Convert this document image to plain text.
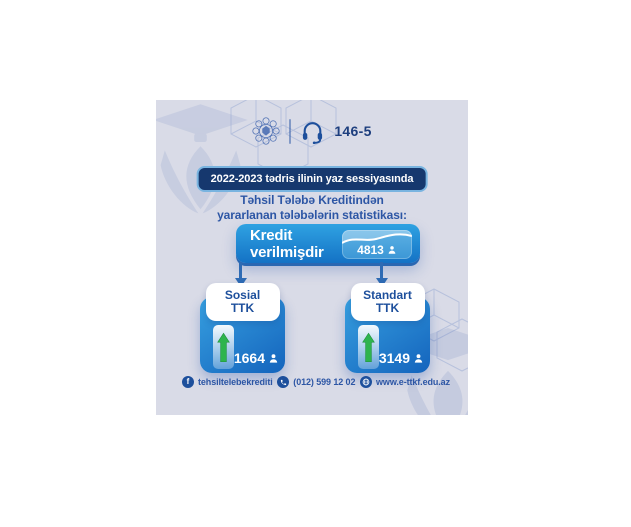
146-5
2022-2023 tədris ilinin yaz sessiyasında
Təhsil Tələbə Kreditindən
yararlanan tələbələrin statistikası:
Kredit
verilmişdir	4813
Sosial
TTK
1664
Standart
TTK
3149
f tehsiltelebekrediti (012) 599 12 02 www.e-ttkf.edu.az
